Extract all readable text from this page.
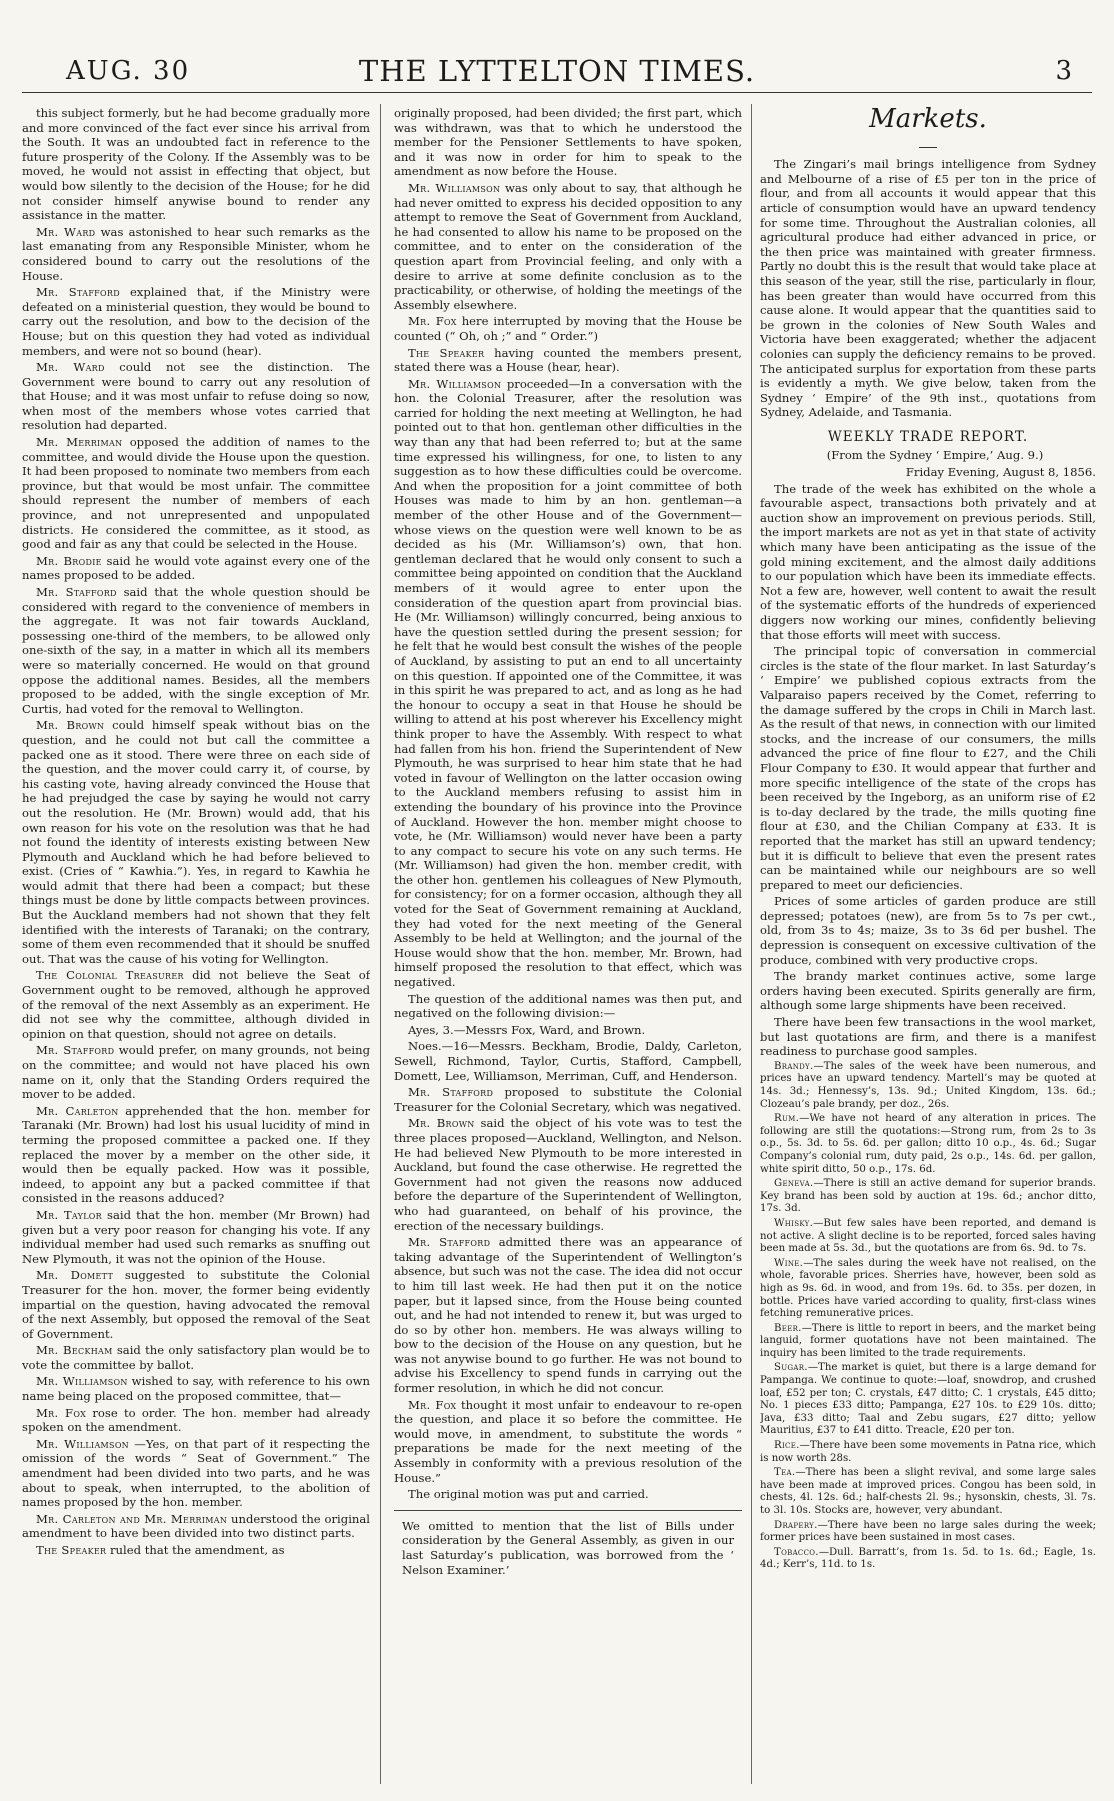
AUG. 30	THE LYTTELTON TIMES.	3

this subject formerly, but he had become gradually more and more convinced of the fact ever since his arrival from the South. It was an undoubted fact in reference to the future prosperity of the Colony. If the Assembly was to be moved, he would not assist in effecting that object, but would bow silently to the decision of the House; for he did not consider himself anywise bound to render any assistance in the matter.

Mr. Ward was astonished to hear such remarks as the last emanating from any Responsible Minister, whom he considered bound to carry out the resolutions of the House.

Mr. Stafford explained that, if the Ministry were defeated on a ministerial question, they would be bound to carry out the resolution, and bow to the decision of the House; but on this question they had voted as individual members, and were not so bound (hear).

Mr. Ward could not see the distinction. The Government were bound to carry out any resolution of that House; and it was most unfair to refuse doing so now, when most of the members whose votes carried that resolution had departed.

Mr. Merriman opposed the addition of names to the committee, and would divide the House upon the question. It had been proposed to nominate two members from each province, but that would be most unfair. The committee should represent the number of members of each province, and not unrepresented and unpopulated districts. He considered the committee, as it stood, as good and fair as any that could be selected in the House.

Mr. Brodie said he would vote against every one of the names proposed to be added.

Mr. Stafford said that the whole question should be considered with regard to the convenience of members in the aggregate. It was not fair towards Auckland, possessing one-third of the members, to be allowed only one-sixth of the say, in a matter in which all its members were so materially concerned. He would on that ground oppose the additional names. Besides, all the members proposed to be added, with the single exception of Mr. Curtis, had voted for the removal to Wellington.

Mr. Brown could himself speak without bias on the question, and he could not but call the committee a packed one as it stood. There were three on each side of the question, and the mover could carry it, of course, by his casting vote, having already convinced the House that he had prejudged the case by saying he would not carry out the resolution. He (Mr. Brown) would add, that his own reason for his vote on the resolution was that he had not found the identity of interests existing between New Plymouth and Auckland which he had before believed to exist. (Cries of “ Kawhia.”). Yes, in regard to Kawhia he would admit that there had been a compact; but these things must be done by little compacts between provinces. But the Auckland members had not shown that they felt identified with the interests of Taranaki; on the contrary, some of them even recommended that it should be snuffed out. That was the cause of his voting for Wellington.

The Colonial Treasurer did not believe the Seat of Government ought to be removed, although he approved of the removal of the next Assembly as an experiment. He did not see why the committee, although divided in opinion on that question, should not agree on details.

Mr. Stafford would prefer, on many grounds, not being on the committee; and would not have placed his own name on it, only that the Standing Orders required the mover to be added.

Mr. Carleton apprehended that the hon. member for Taranaki (Mr. Brown) had lost his usual lucidity of mind in terming the proposed committee a packed one. If they replaced the mover by a member on the other side, it would then be equally packed. How was it possible, indeed, to appoint any but a packed committee if that consisted in the reasons adduced?

Mr. Taylor said that the hon. member (Mr Brown) had given but a very poor reason for changing his vote. If any individual member had used such remarks as snuffing out New Plymouth, it was not the opinion of the House.

Mr. Domett suggested to substitute the Colonial Treasurer for the hon. mover, the former being evidently impartial on the question, having advocated the removal of the next Assembly, but opposed the removal of the Seat of Government.

Mr. Beckham said the only satisfactory plan would be to vote the committee by ballot.

Mr. Williamson wished to say, with reference to his own name being placed on the proposed committee, that—

Mr. Fox rose to order. The hon. member had already spoken on the amendment.

Mr. Williamson —Yes, on that part of it respecting the omission of the words “ Seat of Government.” The amendment had been divided into two parts, and he was about to speak, when interrupted, to the abolition of names proposed by the hon. member.

Mr. Carleton and Mr. Merriman understood the original amendment to have been divided into two distinct parts.

The Speaker ruled that the amendment, as

originally proposed, had been divided; the first part, which was withdrawn, was that to which he understood the member for the Pensioner Settlements to have spoken, and it was now in order for him to speak to the amendment as now before the House.

Mr. Williamson was only about to say, that although he had never omitted to express his decided opposition to any attempt to remove the Seat of Government from Auckland, he had consented to allow his name to be proposed on the committee, and to enter on the consideration of the question apart from Provincial feeling, and only with a desire to arrive at some definite conclusion as to the practicability, or otherwise, of holding the meetings of the Assembly elsewhere.

Mr. Fox here interrupted by moving that the House be counted (“ Oh, oh ;” and “ Order.”)

The Speaker having counted the members present, stated there was a House (hear, hear).

Mr. Williamson proceeded—In a conversation with the hon. the Colonial Treasurer, after the resolution was carried for holding the next meeting at Wellington, he had pointed out to that hon. gentleman other difficulties in the way than any that had been referred to; but at the same time expressed his willingness, for one, to listen to any suggestion as to how these difficulties could be overcome. And when the proposition for a joint committee of both Houses was made to him by an hon. gentleman—a member of the other House and of the Government—whose views on the question were well known to be as decided as his (Mr. Williamson’s) own, that hon. gentleman declared that he would only consent to such a committee being appointed on condition that the Auckland members of it would agree to enter upon the consideration of the question apart from provincial bias. He (Mr. Williamson) willingly concurred, being anxious to have the question settled during the present session; for he felt that he would best consult the wishes of the people of Auckland, by assisting to put an end to all uncertainty on this question. If appointed one of the Committee, it was in this spirit he was prepared to act, and as long as he had the honour to occupy a seat in that House he should be willing to attend at his post wherever his Excellency might think proper to have the Assembly. With respect to what had fallen from his hon. friend the Superintendent of New Plymouth, he was surprised to hear him state that he had voted in favour of Wellington on the latter occasion owing to the Auckland members refusing to assist him in extending the boundary of his province into the Province of Auckland. However the hon. member might choose to vote, he (Mr. Williamson) would never have been a party to any compact to secure his vote on any such terms. He (Mr. Williamson) had given the hon. member credit, with the other hon. gentlemen his colleagues of New Plymouth, for consistency; for on a former occasion, although they all voted for the Seat of Government remaining at Auckland, they had voted for the next meeting of the General Assembly to be held at Wellington; and the journal of the House would show that the hon. member, Mr. Brown, had himself proposed the resolution to that effect, which was negatived.

The question of the additional names was then put, and negatived on the following division:—

Ayes, 3.—Messrs Fox, Ward, and Brown.

Noes.—16—Messrs. Beckham, Brodie, Daldy, Carleton, Sewell, Richmond, Taylor, Curtis, Stafford, Campbell, Domett, Lee, Williamson, Merriman, Cuff, and Henderson.

Mr. Stafford proposed to substitute the Colonial Treasurer for the Colonial Secretary, which was negatived.

Mr. Brown said the object of his vote was to test the three places proposed—Auckland, Wellington, and Nelson. He had believed New Plymouth to be more interested in Auckland, but found the case otherwise. He regretted the Government had not given the reasons now adduced before the departure of the Superintendent of Wellington, who had guaranteed, on behalf of his province, the erection of the necessary buildings.

Mr. Stafford admitted there was an appearance of taking advantage of the Superintendent of Wellington’s absence, but such was not the case. The idea did not occur to him till last week. He had then put it on the notice paper, but it lapsed since, from the House being counted out, and he had not intended to renew it, but was urged to do so by other hon. members. He was always willing to bow to the decision of the House on any question, but he was not anywise bound to go further. He was not bound to advise his Excellency to spend funds in carrying out the former resolution, in which he did not concur.

Mr. Fox thought it most unfair to endeavour to re-open the question, and place it so before the committee. He would move, in amendment, to substitute the words “ preparations be made for the next meeting of the Assembly in conformity with a previous resolution of the House.”

The original motion was put and carried.

We omitted to mention that the list of Bills under consideration by the General Assembly, as given in our last Saturday’s publication, was borrowed from the ‘ Nelson Examiner.’

Markets.

The Zingari’s mail brings intelligence from Sydney and Melbourne of a rise of £5 per ton in the price of flour, and from all accounts it would appear that this article of consumption would have an upward tendency for some time. Throughout the Australian colonies, all agricultural produce had either advanced in price, or the then price was maintained with greater firmness. Partly no doubt this is the result that would take place at this season of the year, still the rise, particularly in flour, has been greater than would have occurred from this cause alone. It would appear that the quantities said to be grown in the colonies of New South Wales and Victoria have been exaggerated; whether the adjacent colonies can supply the deficiency remains to be proved. The anticipated surplus for exportation from these parts is evidently a myth. We give below, taken from the Sydney ‘ Empire’ of the 9th inst., quotations from Sydney, Adelaide, and Tasmania.

WEEKLY TRADE REPORT.

(From the Sydney ‘ Empire,’ Aug. 9.)

Friday Evening, August 8, 1856.

The trade of the week has exhibited on the whole a favourable aspect, transactions both privately and at auction show an improvement on previous periods. Still, the import markets are not as yet in that state of activity which many have been anticipating as the issue of the gold mining excitement, and the almost daily additions to our population which have been its immediate effects. Not a few are, however, well content to await the result of the systematic efforts of the hundreds of experienced diggers now working our mines, confidently believing that those efforts will meet with success.

The principal topic of conversation in commercial circles is the state of the flour market. In last Saturday’s ‘ Empire’ we published copious extracts from the Valparaiso papers received by the Comet, referring to the damage suffered by the crops in Chili in March last. As the result of that news, in connection with our limited stocks, and the increase of our consumers, the mills advanced the price of fine flour to £27, and the Chili Flour Company to £30. It would appear that further and more specific intelligence of the state of the crops has been received by the Ingeborg, as an uniform rise of £2 is to-day declared by the trade, the mills quoting fine flour at £30, and the Chilian Company at £33. It is reported that the market has still an upward tendency; but it is difficult to believe that even the present rates can be maintained while our neighbours are so well prepared to meet our deficiencies.

Prices of some articles of garden produce are still depressed; potatoes (new), are from 5s to 7s per cwt., old, from 3s to 4s; maize, 3s to 3s 6d per bushel. The depression is consequent on excessive cultivation of the produce, combined with very productive crops.

The brandy market continues active, some large orders having been executed. Spirits generally are firm, although some large shipments have been received.

There have been few transactions in the wool market, but last quotations are firm, and there is a manifest readiness to purchase good samples.

Brandy.—The sales of the week have been numerous, and prices have an upward tendency. Martell’s may be quoted at 14s. 3d.; Hennessy’s, 13s. 9d.; United Kingdom, 13s. 6d.; Clozeau’s pale brandy, per doz., 26s.

Rum.—We have not heard of any alteration in prices. The following are still the quotations:—Strong rum, from 2s to 3s o.p., 5s. 3d. to 5s. 6d. per gallon; ditto 10 o.p., 4s. 6d.; Sugar Company’s colonial rum, duty paid, 2s o.p., 14s. 6d. per gallon, white spirit ditto, 50 o.p., 17s. 6d.

Geneva.—There is still an active demand for superior brands. Key brand has been sold by auction at 19s. 6d.; anchor ditto, 17s. 3d.

Whisky.—But few sales have been reported, and demand is not active. A slight decline is to be reported, forced sales having been made at 5s. 3d., but the quotations are from 6s. 9d. to 7s.

Wine.—The sales during the week have not realised, on the whole, favorable prices. Sherries have, however, been sold as high as 9s. 6d. in wood, and from 19s. 6d. to 35s. per dozen, in bottle. Prices have varied according to quality, first-class wines fetching remunerative prices.

Beer.—There is little to report in beers, and the market being languid, former quotations have not been maintained. The inquiry has been limited to the trade requirements.

Sugar.—The market is quiet, but there is a large demand for Pampanga. We continue to quote:—loaf, snowdrop, and crushed loaf, £52 per ton; C. crystals, £47 ditto; C. 1 crystals, £45 ditto; No. 1 pieces £33 ditto; Pampanga, £27 10s. to £29 10s. ditto; Java, £33 ditto; Taal and Zebu sugars, £27 ditto; yellow Mauritius, £37 to £41 ditto. Treacle, £20 per ton.

Rice.—There have been some movements in Patna rice, which is now worth 28s.

Tea.—There has been a slight revival, and some large sales have been made at improved prices. Congou has been sold, in chests, 4l. 12s. 6d.; half-chests 2l. 9s.; hysonskin, chests, 3l. 7s. to 3l. 10s. Stocks are, however, very abundant.

Drapery.—There have been no large sales during the week; former prices have been sustained in most cases.

Tobacco.—Dull. Barratt’s, from 1s. 5d. to 1s. 6d.; Eagle, 1s. 4d.; Kerr’s, 11d. to 1s.
